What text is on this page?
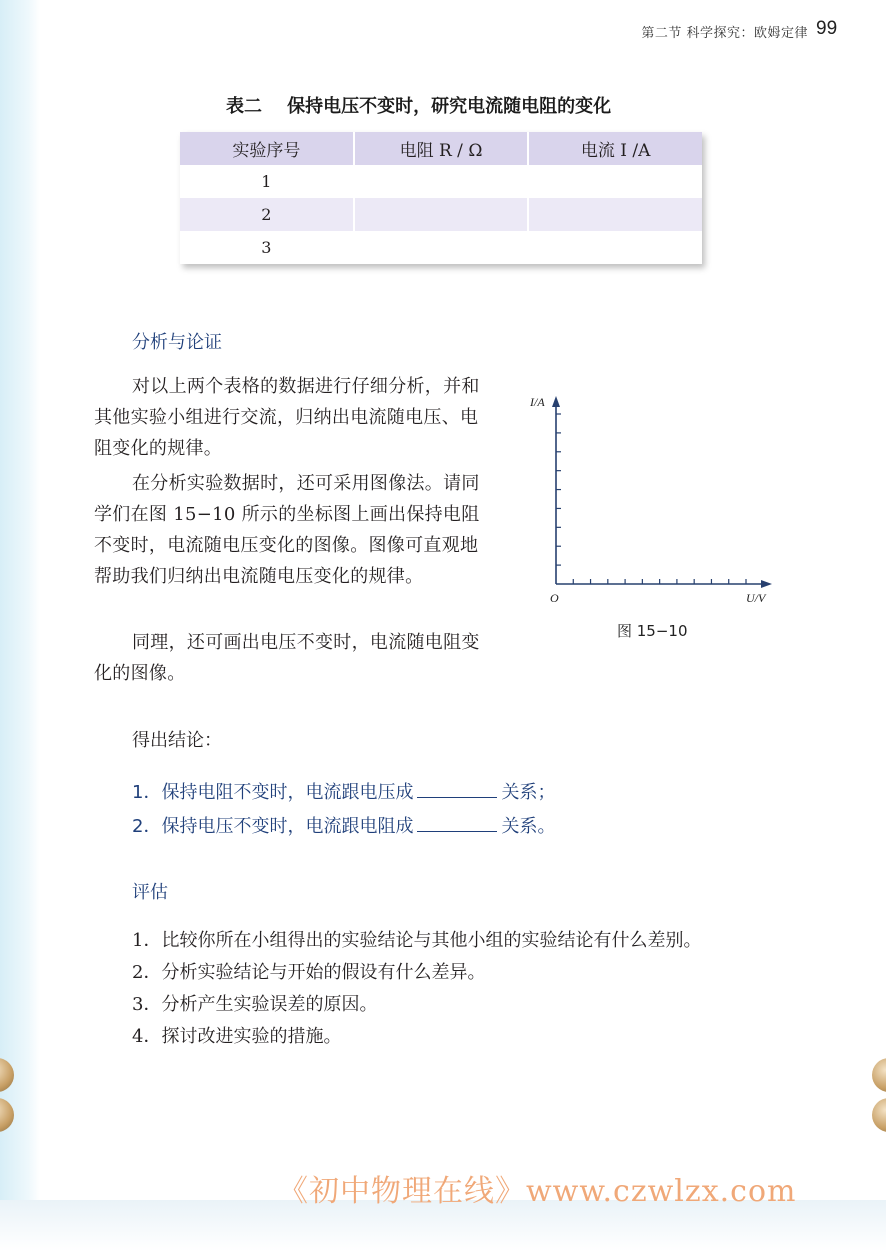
第二节 科学探究：欧姆定律 99
表二    保持电压不变时，研究电流随电阻的变化
实验序号	电阻 R / Ω	电流 I /A
1
2
3
分析与论证
对以上两个表格的数据进行仔细分析，并和其他实验小组进行交流，归纳出电流随电压、电阻变化的规律。
在分析实验数据时，还可采用图像法。请同学们在图 15−10 所示的坐标图上画出保持电阻不变时，电流随电压变化的图像。图像可直观地帮助我们归纳出电流随电压变化的规律。
同理，还可画出电压不变时，电流随电阻变化的图像。
I/A
U/V
O
图 15−10
得出结论：
1．保持电阻不变时，电流跟电压成	关系；
2．保持电压不变时，电流跟电阻成	关系。
评估
1．比较你所在小组得出的实验结论与其他小组的实验结论有什么差别。
2．分析实验结论与开始的假设有什么差异。
3．分析产生实验误差的原因。
4．探讨改进实验的措施。
《初中物理在线》www.czwlzx.com
